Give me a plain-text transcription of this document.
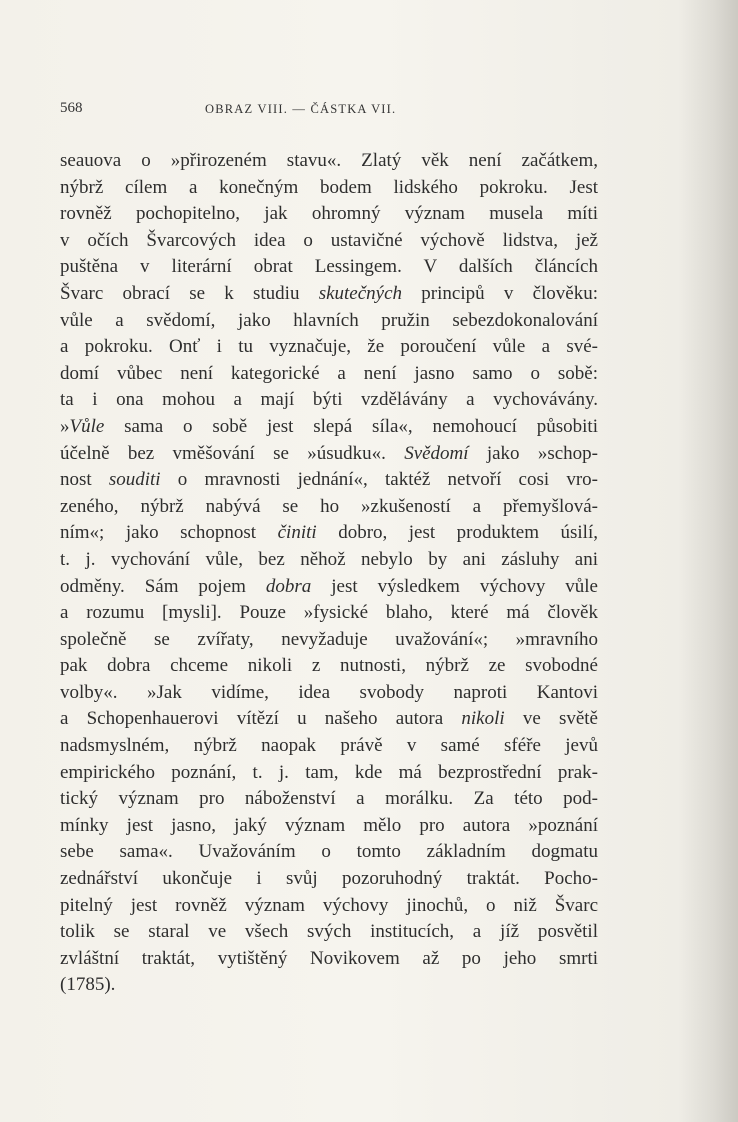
568	OBRAZ VIII. — ČÁSTKA VII.
seauova o »přirozeném stavu«. Zlatý věk není začátkem,
nýbrž cílem a konečným bodem lidského pokroku. Jest
rovněž pochopitelno, jak ohromný význam musela míti
v očích Švarcových idea o ustavičné výchově lidstva, jež
puštěna v literární obrat Lessingem. V dalších článcích
Švarc obrací se k studiu skutečných principů v člověku:
vůle a svědomí, jako hlavních pružin sebezdokonalování
a pokroku. Onť i tu vyznačuje, že poroučení vůle a své-
domí vůbec není kategorické a není jasno samo o sobě:
ta i ona mohou a mají býti vzdělávány a vychovávány.
»Vůle sama o sobě jest slepá síla«, nemohoucí působiti
účelně bez vměšování se »úsudku«. Svědomí jako »schop-
nost souditi o mravnosti jednání«, taktéž netvoří cosi vro-
zeného, nýbrž nabývá se ho »zkušeností a přemyšlová-
ním«; jako schopnost činiti dobro, jest produktem úsilí,
t. j. vychování vůle, bez něhož nebylo by ani zásluhy ani
odměny. Sám pojem dobra jest výsledkem výchovy vůle
a rozumu [mysli]. Pouze »fysické blaho, které má člověk
společně se zvířaty, nevyžaduje uvažování«; »mravního
pak dobra chceme nikoli z nutnosti, nýbrž ze svobodné
volby«. »Jak vidíme, idea svobody naproti Kantovi
a Schopenhauerovi vítězí u našeho autora nikoli ve světě
nadsmyslném, nýbrž naopak právě v samé sféře jevů
empirického poznání, t. j. tam, kde má bezprostřední prak-
tický význam pro náboženství a morálku. Za této pod-
mínky jest jasno, jaký význam mělo pro autora »poznání
sebe sama«. Uvažováním o tomto základním dogmatu
zednářství ukončuje i svůj pozoruhodný traktát. Pocho-
pitelný jest rovněž význam výchovy jinochů, o niž Švarc
tolik se staral ve všech svých institucích, a jíž posvětil
zvláštní traktát, vytištěný Novikovem až po jeho smrti
(1785).
